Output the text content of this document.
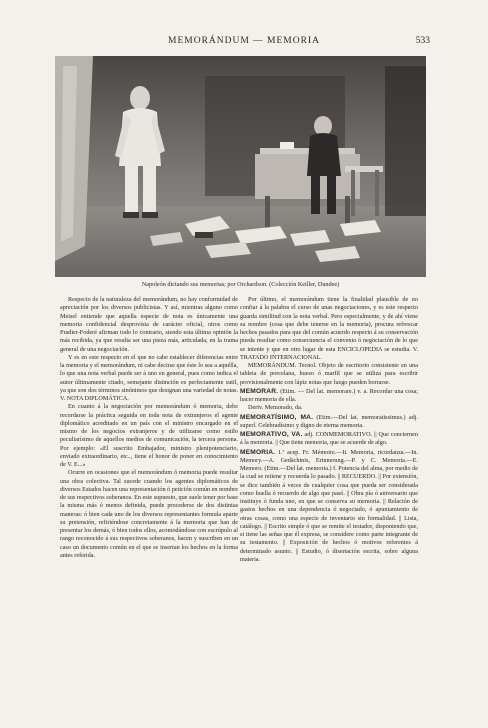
MEMORÁNDUM — MEMORIA	533
Napoleón dictando sus memorias; por Orchardson. (Colección Keiller, Dundee)

Respecto de la naturaleza del memorándum, no hay conformidad de apreciación por los diversos publicistas. Y así, mientras alguno como Meisel entiende que aquella especie de nota es únicamente una memoria confidencial desprovista de carácter oficial, otros como Pradier-Foderé afirman todo lo contrario, siendo esta última opinión la más recibida, ya que resulta ser una pieza más, articulada, en la trama general de una negociación.

Y es en este respecto en el que no cabe establecer diferencias entre la memoria y el memorándum, ni cabe decirse que éste lo sea a aquélla, lo que una nota verbal puede ser á uno en general, pues como indica el autor últimamente citado, semejante distinción es perfectamente sutil, ya que son dos términos sinónimos que designan una variedad de notas. V. NOTA DIPLOMÁTICA.

En cuanto á la negociación por memorándum ó memoria, debe recordarse la práctica seguida en toda nota de extranjeros el agente diplomático acreditado en un país con el ministro encargado en el mismo de los negocios extranjeros y de utilizarse como estilo peculiarísimo de aquellos medios de comunicación, la tercera persona. Por ejemplo: «El suscrito Embajador, ministro plenipotenciario, enviado extraordinario, etc.., tiene el honor de poner en conocimiento de V. E...»

Ocurre en ocasiones que el memorándum ó memoria puede resultar una obra colectiva. Tal sucede cuando los agentes diplomáticos de diversos Estados hacen una representación ó petición común en nombre de sus respectivos soberanos. En este supuesto, que suele tener por base la misma más ó menos definida, puede procederse de dos distintas maneras: ó bien cada uno de los diversos representantes formula aparte su pretensión, refiriéndose concretamente á la memoria que han de presentar los demás, ó bien todos ellos, acomodándose con escrúpulo al rango reconocido á sus respectivos soberanos, hacen y suscriben en un caso un documento común en el que se insertan los hechos en la forma antes referida.

Por último, el memorándum tiene la finalidad plausible de no confiar á la palabra el curso de unas negociaciones, y es este respecto guarda similitud con la nota verbal. Pero especialmente, y de ahí viene su nombre (cosa que debe tenerse en la memoria), procura refrescar hechos pasados para que del común acuerdo respecto á su conservación pueda resultar como consecuencia el convenio ó negociación de lo que se intente y que en otro lugar de esta ENCICLOPEDIA se estudia. V. TRATADO INTERNACIONAL.

MEMORÁNDUM. Tecnol. Objeto de escritorio consistente en una tableta de porcelana, hueso ó marfil que se utiliza para escribir provisionalmente con lápiz notas que luego pueden borrarse.

MEMORAR. (Etim. — Del lat. memorare.) v. a. Recordar una cosa; hacer memoria de ella.

Deriv. Memorado, da.

MEMORATÍSIMO, MA. (Etim.—Del lat. memoratissimus.) adj. superl. Celebradísimo y digno de eterna memoria.

MEMORATIVO, VA. adj. CONMEMORATIVO. || Que conciernen á la memoria. || Que tiene memoria, que se acuerde de algo.

MEMORIA. 1.ª acep. Fr. Mémoire.—It. Memoria, ricordanza.—In. Memory.—A. Gedächtnis, Erinnerung.—P. y C. Memoria.—E. Memoro. (Etim.—Del lat. memoria.) f. Potencia del alma, por medio de la cual se retiene y recuerda lo pasado. || RECUERDO. || Por extensión, se dice también á veces de cualquier cosa que pueda ser considerada como huella ó recuerdo de algo que pasó. || Obra pía ó aniversario que instituye ó funda uno, en que se conserva su memoria. || Relación de gastos hechos en una dependencia ó negociado, ó apuntamiento de otras cosas, como una especie de inventario sin formalidad. || Lista, catálogo. || Escrito simple ó que se remite el testador, disponiendo que, si tiene las señas que él expresa, se considere como parte integrante de su testamento. || Exposición de hechos ó motivos referentes á determinado asunto. || Estudio, ó disertación escrita, sobre alguna materia.
